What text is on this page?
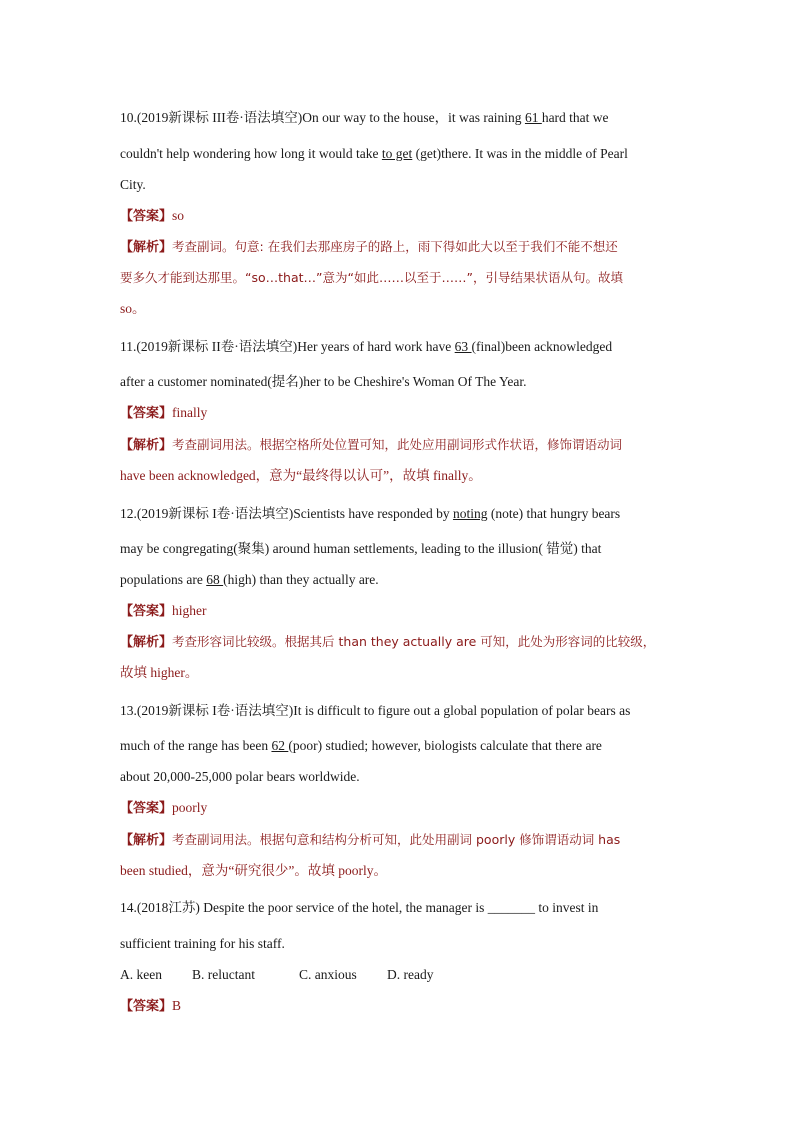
10.(2019新课标 III卷·语法填空)On our way to the house，it was raining 61 hard that we
couldn't help wondering how long it would take to get (get)there. It was in the middle of Pearl
City.
【答案】so
【解析】考查副词。句意: 在我们去那座房子的路上，雨下得如此大以至于我们不能不想还
要多久才能到达那里。“so…that…”意为“如此……以至于……”，引导结果状语从句。故填
so。
11.(2019新课标 II卷·语法填空)Her years of hard work have 63 (final)been acknowledged
after a customer nominated(提名)her to be Cheshire's Woman Of The Year.
【答案】finally
【解析】考查副词用法。根据空格所处位置可知，此处应用副词形式作状语，修饰谓语动词
have been acknowledged，意为“最终得以认可”，故填 finally。
12.(2019新课标 I卷·语法填空)Scientists have responded by noting (note) that hungry bears
may be congregating(聚集) around human settlements, leading to the illusion( 错觉) that
populations are 68 (high) than they actually are.
【答案】higher
【解析】考查形容词比较级。根据其后 than they actually are 可知，此处为形容词的比较级，
故填 higher。
13.(2019新课标 I卷·语法填空)It is difficult to figure out a global population of polar bears as
much of the range has been 62 (poor) studied; however, biologists calculate that there are
about 20,000-25,000 polar bears worldwide.
【答案】poorly
【解析】考查副词用法。根据句意和结构分析可知，此处用副词 poorly 修饰谓语动词 has
been studied，意为“研究很少”。故填 poorly。
14.(2018江苏) Despite the poor service of the hotel, the manager is _______ to invest in
sufficient training for his staff.
A. keen B. reluctant	C. anxious D. ready
【答案】B
